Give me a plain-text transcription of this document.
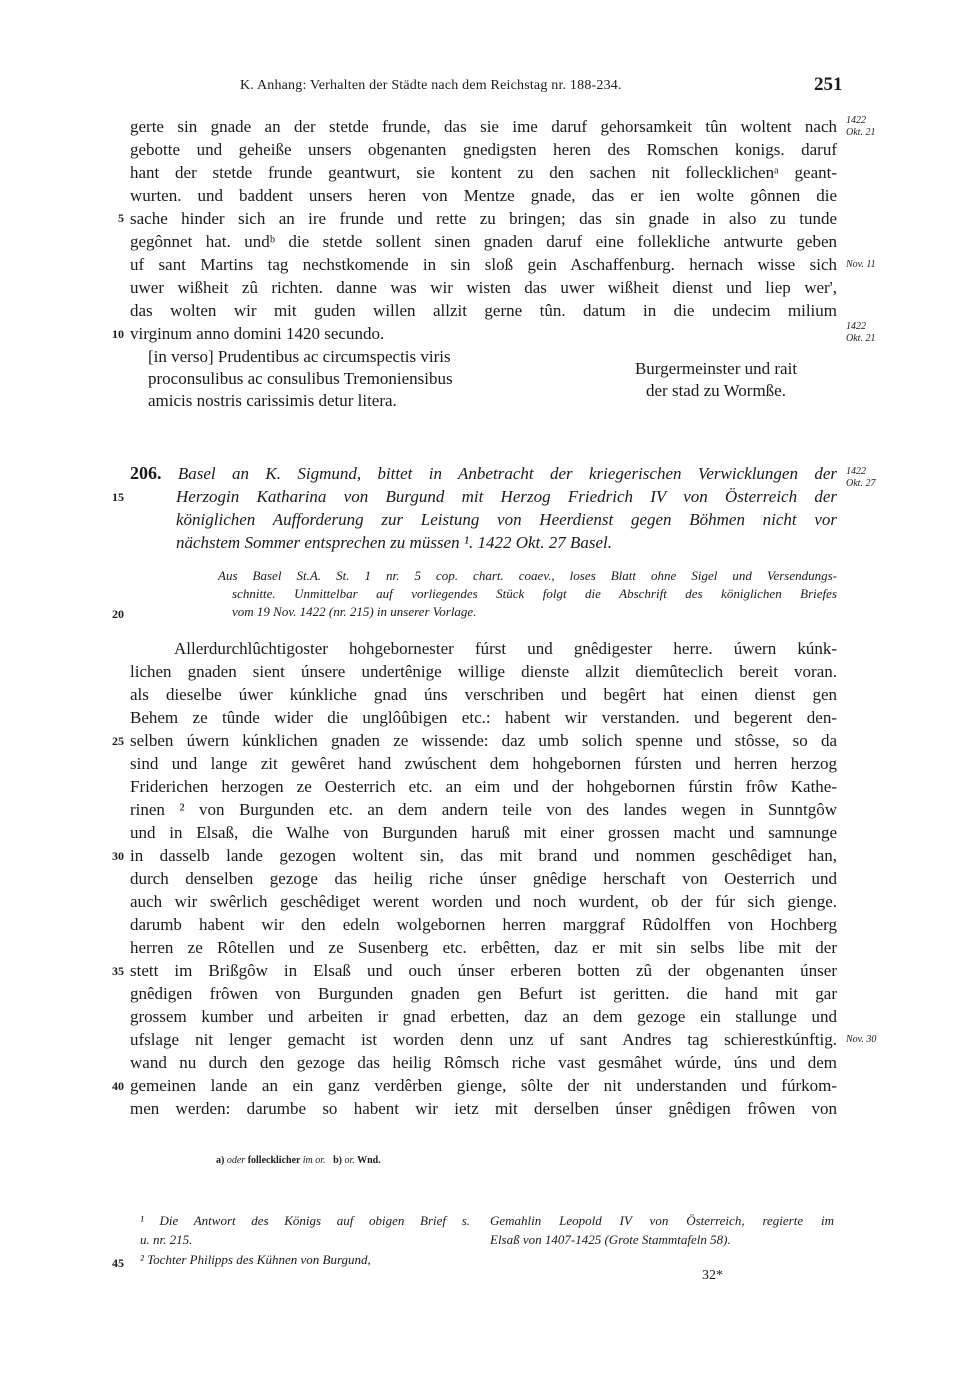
K. Anhang: Verhalten der Städte nach dem Reichstag nr. 188-234.	251
gerte sin gnade an der stetde frunde, das sie ime daruf gehorsamkeit tûn woltent nach
gebotte und geheiße unsers obgenanten gnedigsten heren des Romschen konigs. daruf
hant der stetde frunde geantwurt, sie kontent zu den sachen nit follecklichenᵃ geant-
wurten. und baddent unsers heren von Mentze gnade, das er ien wolte gônnen die
sache hinder sich an ire frunde und rette zu bringen; das sin gnade in also zu tunde
gegônnet hat. undᵇ die stetde sollent sinen gnaden daruf eine follekliche antwurte geben
uf sant Martins tag nechstkomende in sin sloß gein Aschaffenburg. hernach wisse sich
uwer wißheit zû richten. danne was wir wisten das uwer wißheit dienst und liep wer',
das wolten wir mit guden willen allzit gerne tûn. datum in die undecim milium
virginum anno domini 1420 secundo.
[in verso] Prudentibus ac circumspectis viris
proconsulibus ac consulibus Tremoniensibus
amicis nostris carissimis detur litera.
Burgermeinster und rait
der stad zu Wormße.
206. Basel an K. Sigmund, bittet in Anbetracht der kriegerischen Verwicklungen der
Herzogin Katharina von Burgund mit Herzog Friedrich IV von Österreich der
königlichen Aufforderung zur Leistung von Heerdienst gegen Böhmen nicht vor
nächstem Sommer entsprechen zu müssen ¹. 1422 Okt. 27 Basel.
Aus Basel St.A. St. 1 nr. 5 cop. chart. coaev., loses Blatt ohne Sigel und Versendungs-
schnitte. Unmittelbar auf vorliegendes Stück folgt die Abschrift des königlichen Briefes
vom 19 Nov. 1422 (nr. 215) in unserer Vorlage.
Allerdurchlûchtigoster hohgebornester fúrst und gnêdigester herre. úwern kúnk-
lichen gnaden sient únsere undertênige willige dienste allzit diemûteclich bereit voran.
als dieselbe úwer kúnkliche gnad úns verschriben und begêrt hat einen dienst gen
Behem ze tûnde wider die unglôûbigen etc.: habent wir verstanden. und begerent den-
selben úwern kúnklichen gnaden ze wissende: daz umb solich spenne und stôsse, so da
sind und lange zit gewêret hand zwúschent dem hohgebornen fúrsten und herren herzog
Friderichen herzogen ze Oesterrich etc. an eim und der hohgebornen fúrstin frôw Kathe-
rinen ² von Burgunden etc. an dem andern teile von des landes wegen in Sunntgôw
und in Elsaß, die Walhe von Burgunden haruß mit einer grossen macht und samnunge
in dasselb lande gezogen woltent sin, das mit brand und nommen geschêdiget han,
durch denselben gezoge das heilig riche únser gnêdige herschaft von Oesterrich und
auch wir swêrlich geschêdiget werent worden und noch wurdent, ob der fúr sich gienge.
darumb habent wir den edeln wolgebornen herren marggraf Rûdolffen von Hochberg
herren ze Rôtellen und ze Susenberg etc. erbêtten, daz er mit sin selbs libe mit der
stett im Brißgôw in Elsaß und ouch únser erberen botten zû der obgenanten únser
gnêdigen frôwen von Burgunden gnaden gen Befurt ist geritten. die hand mit gar
grossem kumber und arbeiten ir gnad erbetten, daz an dem gezoge ein stallunge und
ufslage nit lenger gemacht ist worden denn unz uf sant Andres tag schierestkúnftig.
wand nu durch den gezoge das heilig Rômsch riche vast gesmâhet wúrde, úns und dem
gemeinen lande an ein ganz verdêrben gienge, sôlte der nit understanden und fúrkom-
men werden: darumbe so habent wir ietz mit derselben únser gnêdigen frôwen von
5
10
15
20
25
30
35
40
45
1422
Okt. 21
Nov. 11
1422
Okt. 21
1422
Okt. 27
Nov. 30
a) oder follecklicher im or. b) or. Wnd.
¹ Die Antwort des Königs auf obigen Brief s.
u. nr. 215.
² Tochter Philipps des Kühnen von Burgund,
Gemahlin Leopold IV von Österreich, regierte im
Elsaß von 1407-1425 (Grote Stammtafeln 58).
32*
